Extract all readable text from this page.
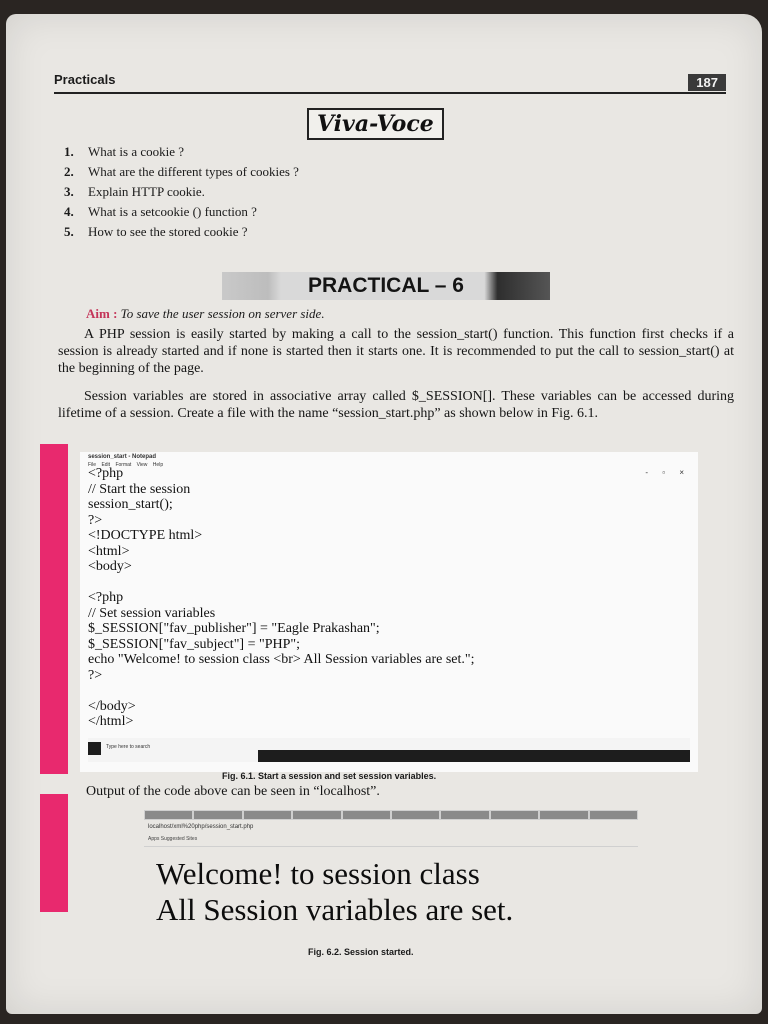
Practicals	187
Viva-Voce
1. What is a cookie ?
2. What are the different types of cookies ?
3. Explain HTTP cookie.
4. What is a setcookie () function ?
5. How to see the stored cookie ?
PRACTICAL – 6
Aim : To save the user session on server side.

A PHP session is easily started by making a call to the session_start() function. This function first checks if a session is already started and if none is started then it starts one. It is recommended to put the call to session_start() at the beginning of the page.

Session variables are stored in associative array called $_SESSION[]. These variables can be accessed during lifetime of a session. Create a file with the name “session_start.php” as shown below in Fig. 6.1.

session_start - Notepad
File Edit Format View Help
- ▫ ×
<?php
// Start the session
session_start();
?>
<!DOCTYPE html>
<html>
<body>

<?php
// Set session variables
$_SESSION["fav_publisher"] = "Eagle Prakashan";
$_SESSION["fav_subject"] = "PHP";
echo "Welcome! to session class <br> All Session variables are set.";
?>

</body>
</html>
Type here to search
Fig. 6.1. Start a session and set session variables.
Output of the code above can be seen in “localhost”.
localhost/xml%20php/session_start.php
Apps Suggested Sites
Welcome! to session class
All Session variables are set.
Fig. 6.2. Session started.
